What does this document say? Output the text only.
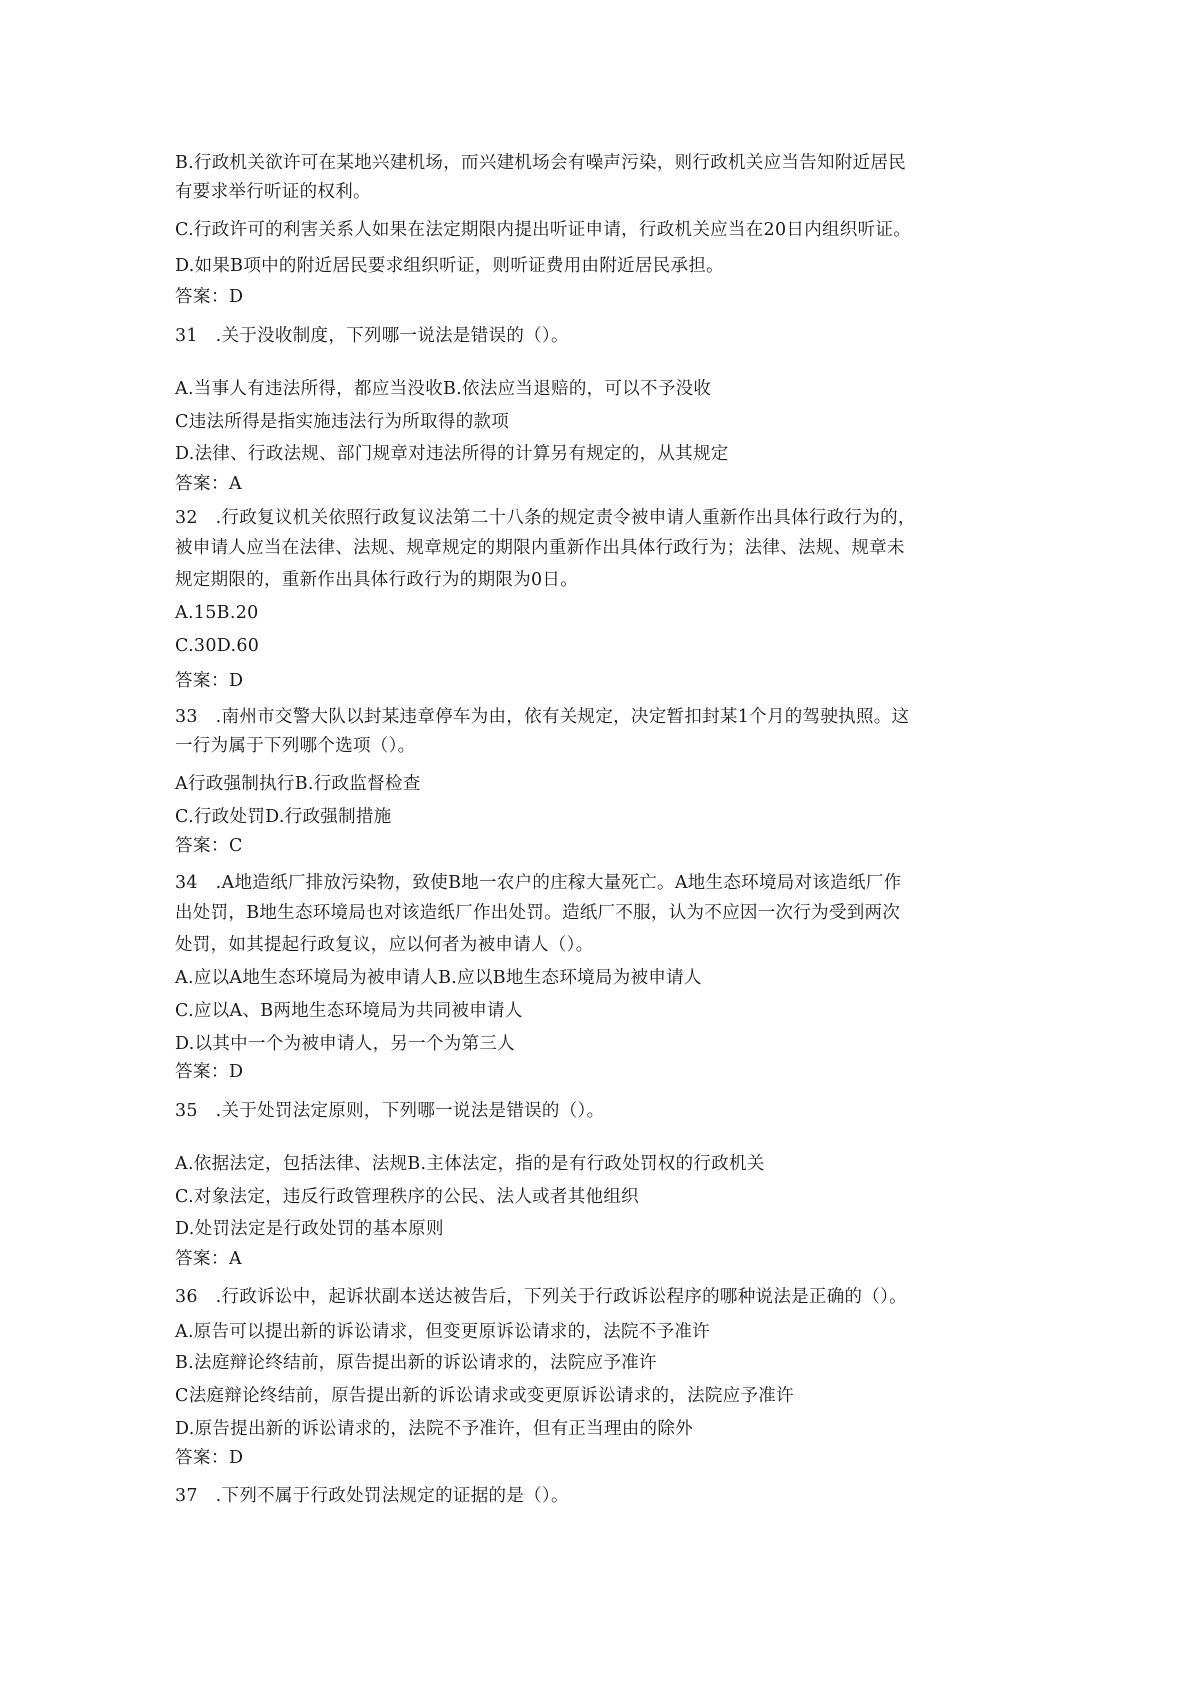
B.行政机关欲许可在某地兴建机场，而兴建机场会有噪声污染，则行政机关应当告知附近居民
有要求举行听证的权利。
C.行政许可的利害关系人如果在法定期限内提出听证申请，行政机关应当在20日内组织听证。
D.如果B项中的附近居民要求组织听证，则听证费用由附近居民承担。
答案：D
31　.关于没收制度，下列哪一说法是错误的（）。
A.当事人有违法所得，都应当没收B.依法应当退赔的，可以不予没收
C违法所得是指实施违法行为所取得的款项
D.法律、行政法规、部门规章对违法所得的计算另有规定的，从其规定
答案：A
32　.行政复议机关依照行政复议法第二十八条的规定责令被申请人重新作出具体行政行为的，
被申请人应当在法律、法规、规章规定的期限内重新作出具体行政行为；法律、法规、规章未
规定期限的，重新作出具体行政行为的期限为0日。
A.15B.20
C.30D.60
答案：D
33　.南州市交警大队以封某违章停车为由，依有关规定，决定暂扣封某1个月的驾驶执照。这
一行为属于下列哪个选项（）。
A行政强制执行B.行政监督检查
C.行政处罚D.行政强制措施
答案：C
34　.A地造纸厂排放污染物，致使B地一农户的庄稼大量死亡。A地生态环境局对该造纸厂作
出处罚，B地生态环境局也对该造纸厂作出处罚。造纸厂不服，认为不应因一次行为受到两次
处罚，如其提起行政复议，应以何者为被申请人（）。
A.应以A地生态环境局为被申请人B.应以B地生态环境局为被申请人
C.应以A、B两地生态环境局为共同被申请人
D.以其中一个为被申请人，另一个为第三人
答案：D
35　.关于处罚法定原则，下列哪一说法是错误的（）。
A.依据法定，包括法律、法规B.主体法定，指的是有行政处罚权的行政机关
C.对象法定，违反行政管理秩序的公民、法人或者其他组织
D.处罚法定是行政处罚的基本原则
答案：A
36　.行政诉讼中，起诉状副本送达被告后，下列关于行政诉讼程序的哪种说法是正确的（）。
A.原告可以提出新的诉讼请求，但变更原诉讼请求的，法院不予准许
B.法庭辩论终结前，原告提出新的诉讼请求的，法院应予准许
C法庭辩论终结前，原告提出新的诉讼请求或变更原诉讼请求的，法院应予准许
D.原告提出新的诉讼请求的，法院不予准许，但有正当理由的除外
答案：D
37　.下列不属于行政处罚法规定的证据的是（）。
